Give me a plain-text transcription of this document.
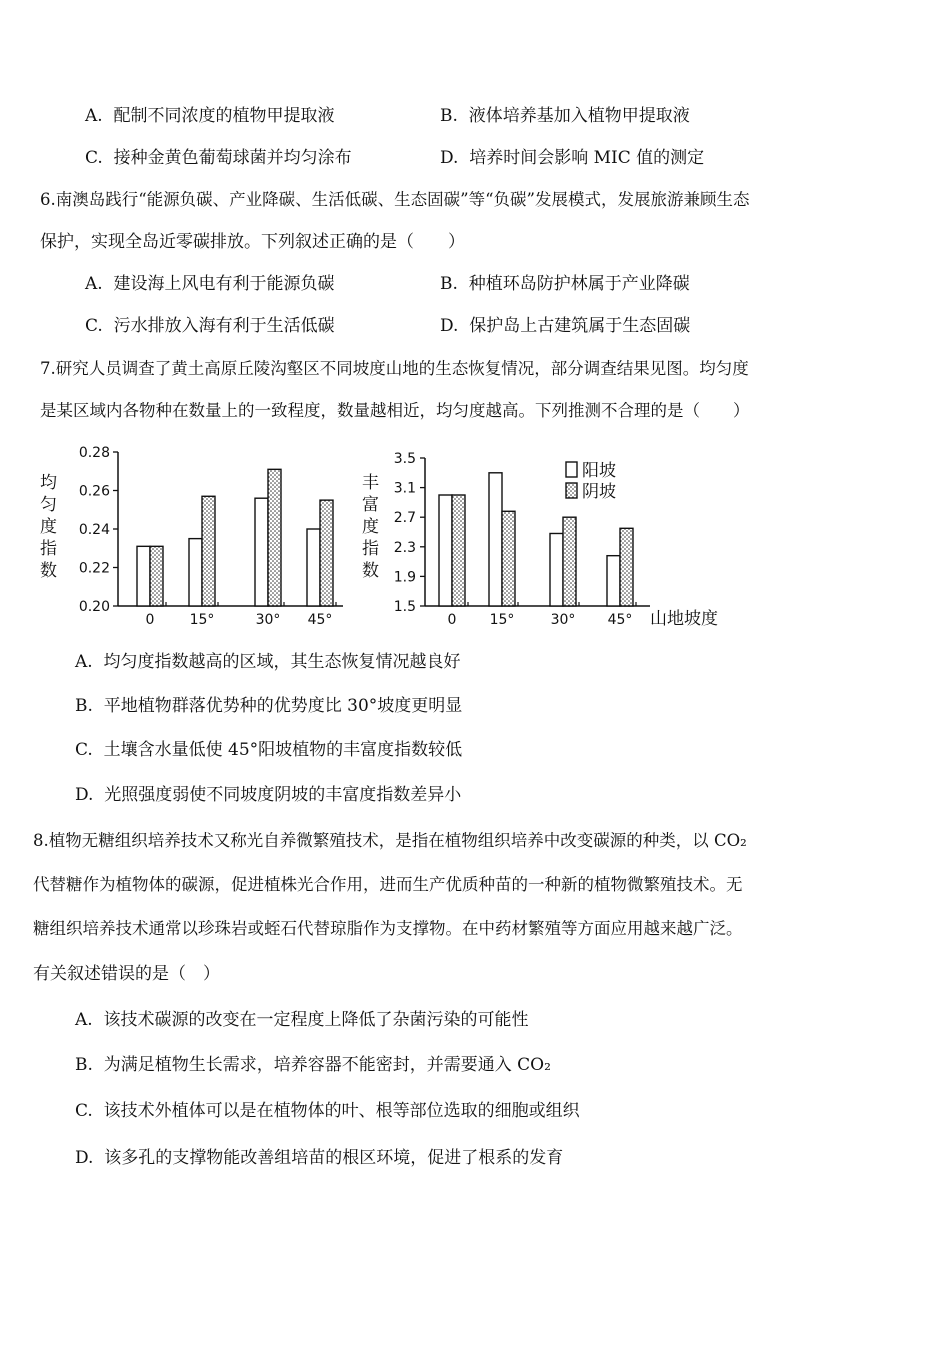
A. 配制不同浓度的植物甲提取液	B. 液体培养基加入植物甲提取液
C. 接种金黄色葡萄球菌并均匀涂布	D. 培养时间会影响 MIC 值的测定
6.南澳岛践行“能源负碳、产业降碳、生活低碳、生态固碳”等“负碳”发展模式，发展旅游兼顾生态
保护，实现全岛近零碳排放。下列叙述正确的是（　　）
A. 建设海上风电有利于能源负碳	B. 种植环岛防护林属于产业降碳
C. 污水排放入海有利于生活低碳	D. 保护岛上古建筑属于生态固碳
7.研究人员调查了黄土高原丘陵沟壑区不同坡度山地的生态恢复情况，部分调查结果见图。均匀度
是某区域内各物种在数量上的一致程度，数量越相近，均匀度越高。下列推测不合理的是（　　）
均
匀
度
指
数
0.20
0.22
0.24
0.26
0.28
0	15°	30° 45°
丰
富
度
指
数
1.5
1.9
2.3
2.7
3.1
3.5
0 15°	30° 45° 山地坡度
阳坡
阴坡
A. 均匀度指数越高的区域，其生态恢复情况越良好
B. 平地植物群落优势种的优势度比 30°坡度更明显
C. 土壤含水量低使 45°阳坡植物的丰富度指数较低
D. 光照强度弱使不同坡度阴坡的丰富度指数差异小
8.植物无糖组织培养技术又称光自养微繁殖技术，是指在植物组织培养中改变碳源的种类，以 CO₂
代替糖作为植物体的碳源，促进植株光合作用，进而生产优质种苗的一种新的植物微繁殖技术。无
糖组织培养技术通常以珍珠岩或蛭石代替琼脂作为支撑物。在中药材繁殖等方面应用越来越广泛。
有关叙述错误的是（　）
A. 该技术碳源的改变在一定程度上降低了杂菌污染的可能性
B. 为满足植物生长需求，培养容器不能密封，并需要通入 CO₂
C. 该技术外植体可以是在植物体的叶、根等部位选取的细胞或组织
D. 该多孔的支撑物能改善组培苗的根区环境，促进了根系的发育
